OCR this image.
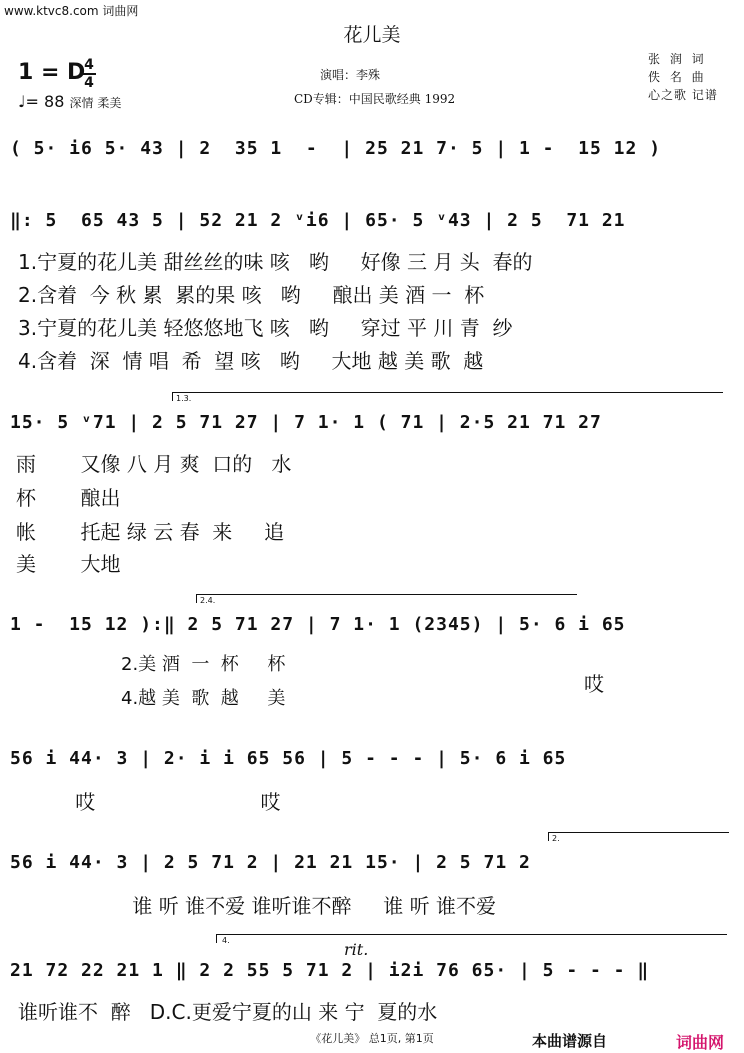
www.ktvc8.com 词曲网
花儿美
1 = D
4
4
♩= 88 深情 柔美
演唱：李殊
CD专辑：中国民歌经典 1992
张 润 词
佚 名 曲
心之歌 记谱
( 5· i6 5· 43 | 2  35 1  -  | 25 21 7· 5 | 1 -  15 12 )
‖: 5  65 43 5 | 52 21 2 ᵛi6 | 65· 5 ᵛ43 | 2 5  71 21
1.宁夏的花儿美 甜丝丝的味 咳   哟     好像 三 月 头  春的
2.含着  今 秋 累  累的果 咳   哟     酿出 美 酒 一  杯
3.宁夏的花儿美 轻悠悠地飞 咳   哟     穿过 平 川 青  纱
4.含着  深  情 唱  希  望 咳   哟     大地 越 美 歌  越
1.3.
15· 5 ᵛ71 | 2 5 71 27 | 7 1· 1 ( 71 | 2·5 21 71 27
雨       又像 八 月 爽  口的   水
杯       酿出
帐       托起 绿 云 春  来     追
美       大地
2.4.
1 -  15 12 ):‖ 2 5 71 27 | 7 1· 1 (2345) | 5· 6 i 65
2.美 酒  一  杯     杯
4.越 美  歌  越     美
哎
56 i 44· 3 | 2· i i 65 56 | 5 - - - | 5· 6 i 65
哎                          哎
2.
56 i 44· 3 | 2 5 71 2 | 21 21 15· | 2 5 71 2
谁 听 谁不爱 谁听谁不醉     谁 听 谁不爱
rit.
4.
21 72 22 21 1 ‖ 2 2 55 5 71 2 | i2i 76 65· | 5 - - - ‖
谁听谁不  醉   D.C.更爱宁夏的山 来 宁  夏的水
《花儿美》 总1页, 第1页	本曲谱源自	词曲网
